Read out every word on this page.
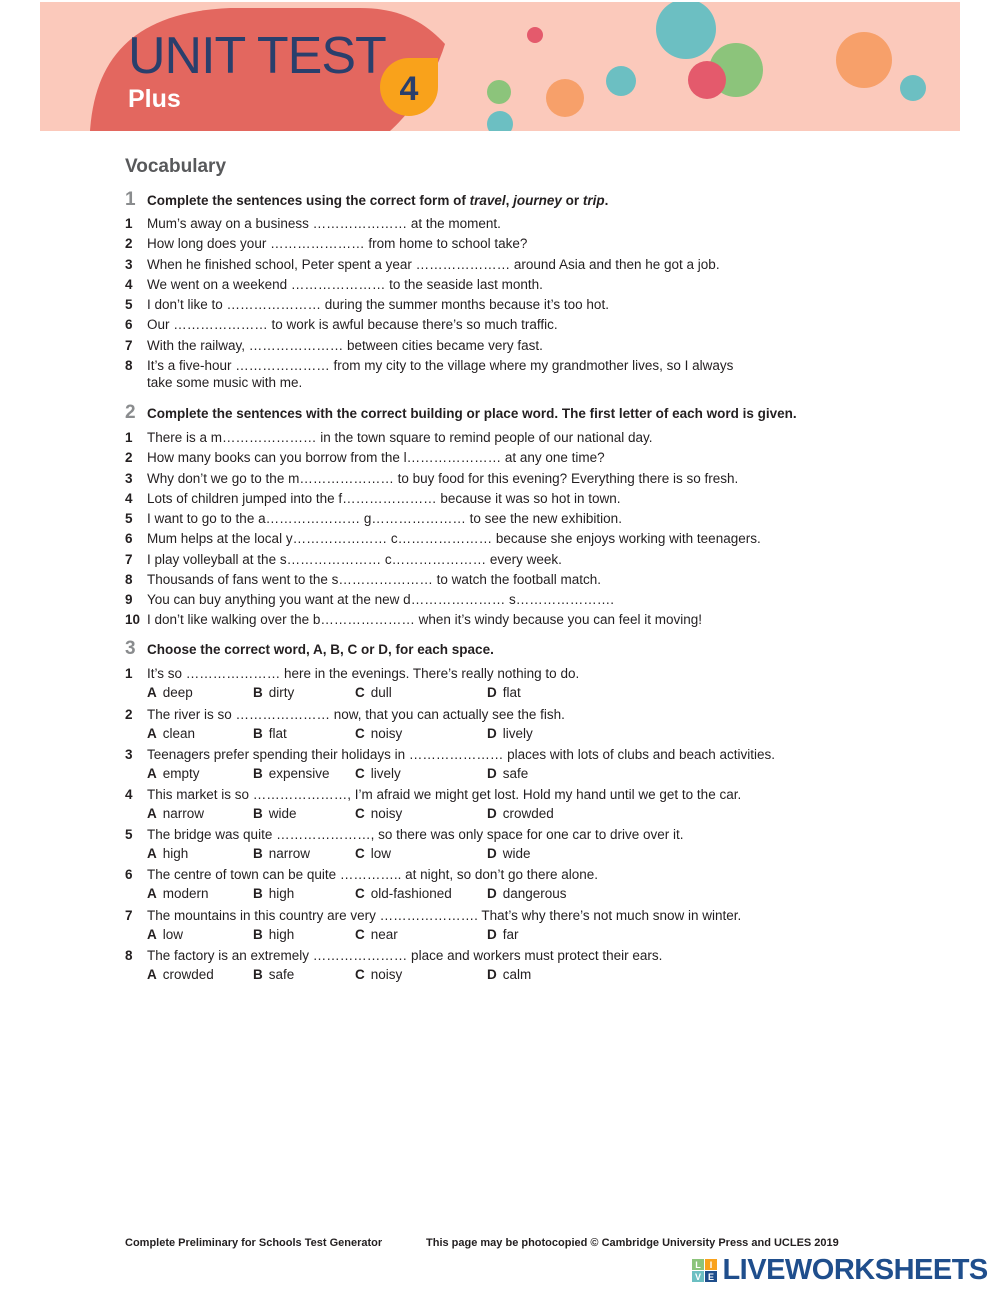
UNIT TEST
Plus	4
Vocabulary
1 Complete the sentences using the correct form of travel, journey or trip.
1 Mum’s away on a business ………………… at the moment.
2 How long does your ………………… from home to school take?
3 When he finished school, Peter spent a year ………………… around Asia and then he got a job.
4 We went on a weekend ………………… to the seaside last month.
5 I don’t like to ………………… during the summer months because it’s too hot.
6 Our ………………… to work is awful because there’s so much traffic.
7 With the railway, ………………… between cities became very fast.
8 It’s a five-hour ………………… from my city to the village where my grandmother lives, so I always
take some music with me.
2 Complete the sentences with the correct building or place word. The first letter of each word is given.
1 There is a m………………… in the town square to remind people of our national day.
2 How many books can you borrow from the l………………… at any one time?
3 Why don’t we go to the m………………… to buy food for this evening? Everything there is so fresh.
4 Lots of children jumped into the f………………… because it was so hot in town.
5 I want to go to the a………………… g………………… to see the new exhibition.
6 Mum helps at the local y………………… c………………… because she enjoys working with teenagers.
7 I play volleyball at the s………………… c………………… every week.
8 Thousands of fans went to the s………………… to watch the football match.
9 You can buy anything you want at the new d………………… s………………….
10 I don’t like walking over the b………………… when it’s windy because you can feel it moving!
3 Choose the correct word, A, B, C or D, for each space.
1 It’s so ………………… here in the evenings. There’s really nothing to do.
A deep	B dirty	C dull	D flat
2 The river is so ………………… now, that you can actually see the fish.
A clean	B flat	C noisy	D lively
3 Teenagers prefer spending their holidays in ………………… places with lots of clubs and beach activities.
A empty	B expensive C lively	D safe
4 This market is so …………………, I’m afraid we might get lost. Hold my hand until we get to the car.
A narrow	B wide	C noisy	D crowded
5 The bridge was quite …………………, so there was only space for one car to drive over it.
A high	B narrow	C low	D wide
6 The centre of town can be quite ………….. at night, so don’t go there alone.
A modern	B high	C old-fashioned	D dangerous
7 The mountains in this country are very …………………. That’s why there’s not much snow in winter.
A low	B high	C near	D far
8 The factory is an extremely ………………… place and workers must protect their ears.
A crowded	B safe	C noisy	D calm
Complete Preliminary for Schools Test Generator	This page may be photocopied © Cambridge University Press and UCLES 2019
L I
V E LIVEWORKSHEETS
